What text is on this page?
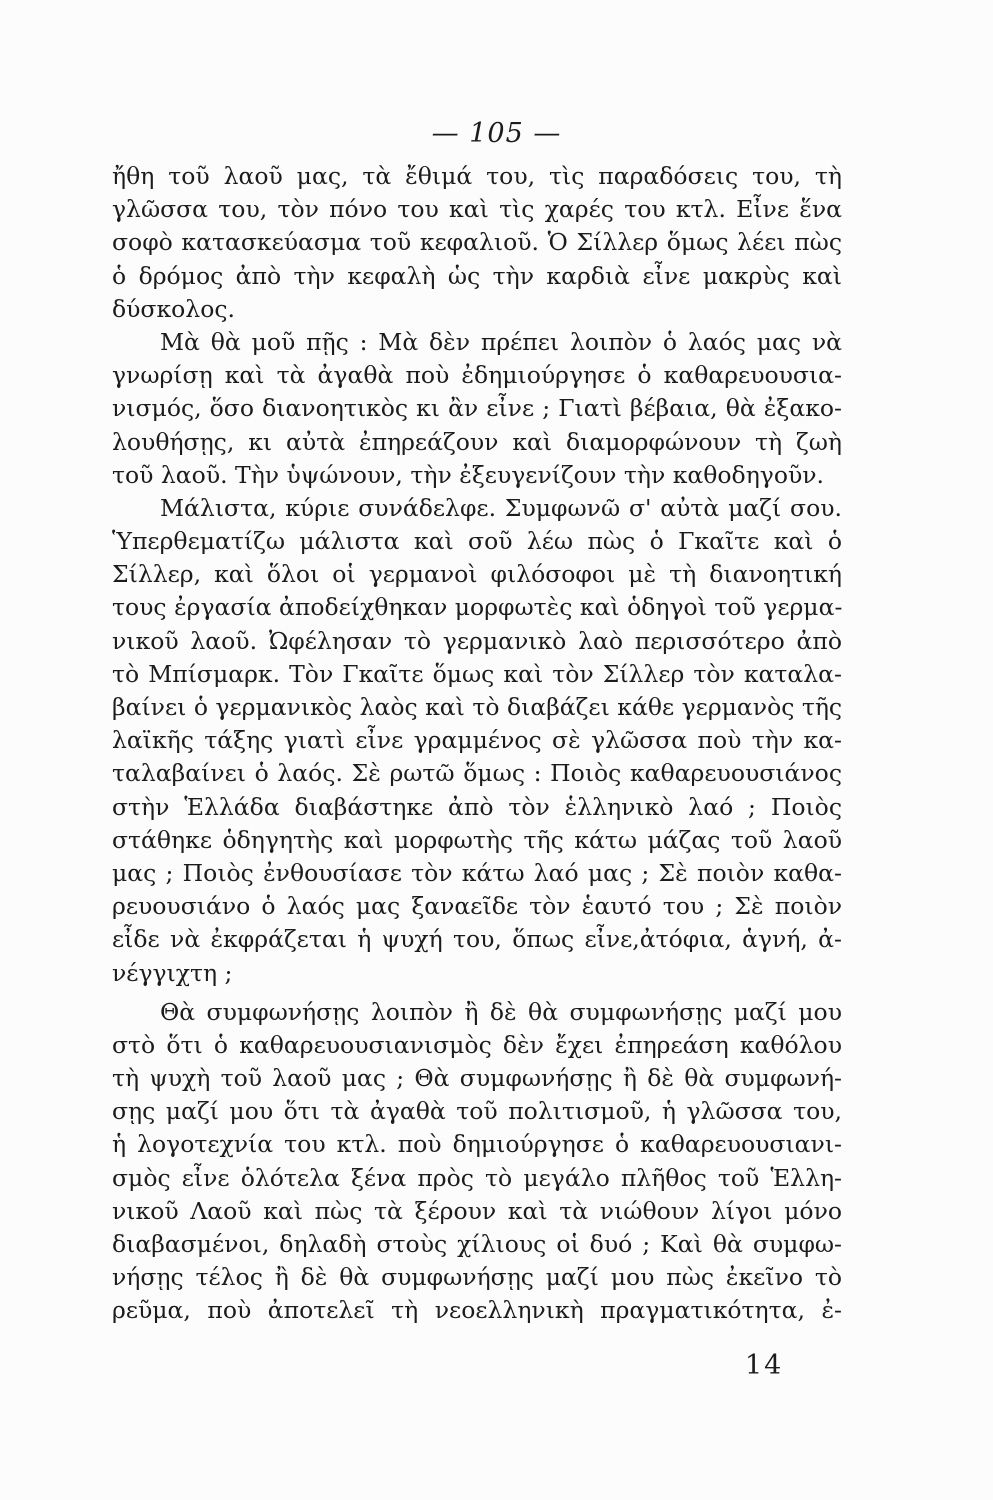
— 105 —
ἤθη τοῦ λαοῦ μας, τὰ ἔθιμά του, τὶς παραδόσεις του, τὴ
γλῶσσα του, τὸν πόνο του καὶ τὶς χαρές του κτλ. Εἶνε ἕνα
σοφὸ κατασκεύασμα τοῦ κεφαλιοῦ. Ὁ Σίλλερ ὅμως λέει πὼς
ὁ δρόμος ἀπὸ τὴν κεφαλὴ ὡς τὴν καρδιὰ εἶνε μακρὺς καὶ
δύσκολος.
Μὰ θὰ μοῦ πῇς : Μὰ δὲν πρέπει λοιπὸν ὁ λαός μας νὰ
γνωρίσῃ καὶ τὰ ἀγαθὰ ποὺ ἐδημιούργησε ὁ καθαρευουσια-
νισμός, ὅσο διανοητικὸς κι ἂν εἶνε ; Γιατὶ βέβαια, θὰ ἐξακο-
λουθήσῃς, κι αὐτὰ ἐπηρεάζουν καὶ διαμορφώνουν τὴ ζωὴ
τοῦ λαοῦ. Τὴν ὑψώνουν, τὴν ἐξευγενίζουν τὴν καθοδηγοῦν.
Μάλιστα, κύριε συνάδελφε. Συμφωνῶ σ' αὐτὰ μαζί σου.
Ὑπερθεματίζω μάλιστα καὶ σοῦ λέω πὼς ὁ Γκαῖτε καὶ ὁ
Σίλλερ, καὶ ὅλοι οἱ γερμανοὶ φιλόσοφοι μὲ τὴ διανοητική
τους ἐργασία ἀποδείχθηκαν μορφωτὲς καὶ ὁδηγοὶ τοῦ γερμα-
νικοῦ λαοῦ. Ὠφέλησαν τὸ γερμανικὸ λαὸ περισσότερο ἀπὸ
τὸ Μπίσμαρκ. Τὸν Γκαῖτε ὅμως καὶ τὸν Σίλλερ τὸν καταλα-
βαίνει ὁ γερμανικὸς λαὸς καὶ τὸ διαβάζει κάθε γερμανὸς τῆς
λαϊκῆς τάξης γιατὶ εἶνε γραμμένος σὲ γλῶσσα ποὺ τὴν κα-
ταλαβαίνει ὁ λαός. Σὲ ρωτῶ ὅμως : Ποιὸς καθαρευουσιάνος
στὴν Ἑλλάδα διαβάστηκε ἀπὸ τὸν ἑλληνικὸ λαό ; Ποιὸς
στάθηκε ὁδηγητὴς καὶ μορφωτὴς τῆς κάτω μάζας τοῦ λαοῦ
μας ; Ποιὸς ἐνθουσίασε τὸν κάτω λαό μας ; Σὲ ποιὸν καθα-
ρευουσιάνο ὁ λαός μας ξαναεῖδε τὸν ἑαυτό του ; Σὲ ποιὸν
εἶδε νὰ ἐκφράζεται ἡ ψυχή του, ὅπως εἶνε,ἀτόφια, ἁγνή, ἀ-
νέγγιχτη ;
Θὰ συμφωνήσῃς λοιπὸν ἢ δὲ θὰ συμφωνήσῃς μαζί μου
στὸ ὅτι ὁ καθαρευουσιανισμὸς δὲν ἔχει ἐπηρεάση καθόλου
τὴ ψυχὴ τοῦ λαοῦ μας ; Θὰ συμφωνήσῃς ἢ δὲ θὰ συμφωνή-
σῃς μαζί μου ὅτι τὰ ἀγαθὰ τοῦ πολιτισμοῦ, ἡ γλῶσσα του,
ἡ λογοτεχνία του κτλ. ποὺ δημιούργησε ὁ καθαρευουσιανι-
σμὸς εἶνε ὁλότελα ξένα πρὸς τὸ μεγάλο πλῆθος τοῦ Ἑλλη-
νικοῦ Λαοῦ καὶ πὼς τὰ ξέρουν καὶ τὰ νιώθουν λίγοι μόνο
διαβασμένοι, δηλαδὴ στοὺς χίλιους οἱ δυό ; Καὶ θὰ συμφω-
νήσῃς τέλος ἢ δὲ θὰ συμφωνήσῃς μαζί μου πὼς ἐκεῖνο τὸ
ρεῦμα, ποὺ ἀποτελεῖ τὴ νεοελληνικὴ πραγματικότητα, ἐ-
14
